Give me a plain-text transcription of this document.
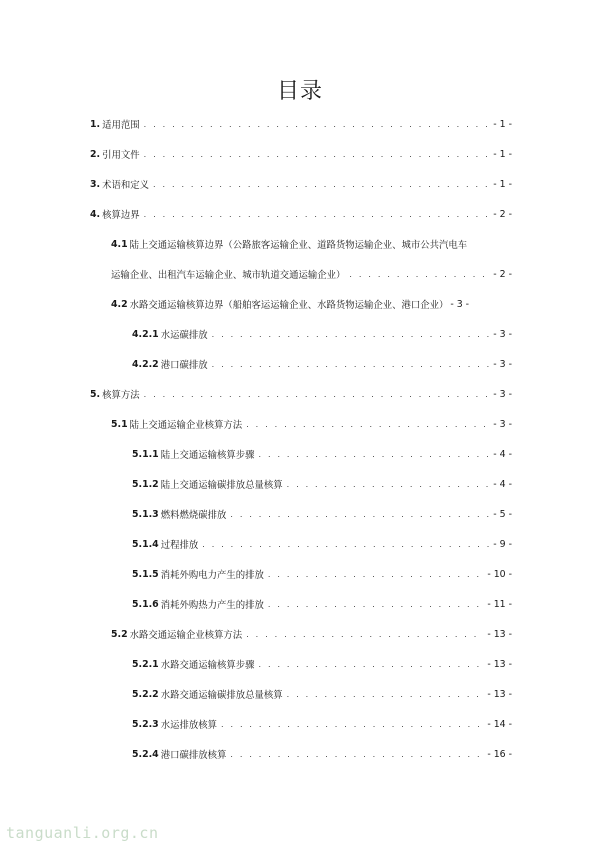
目录
1. 适用范围 . . .	- 1 -
2. 引用文件 . . .	- 1 -
3. 术语和定义 . . .	- 1 -
4. 核算边界 . . .	- 2 -
4.1 陆上交通运输核算边界（公路旅客运输企业、道路货物运输企业、城市公共汽电车
运输企业、出租汽车运输企业、城市轨道交通运输企业） . . .	- 2 -
4.2 水路交通运输核算边界（船舶客运运输企业、水路货物运输企业、港口企业） - 3 -
4.2.1 水运碳排放 . . .	- 3 -
4.2.2 港口碳排放 . . .	- 3 -
5. 核算方法 . . .	- 3 -
5.1 陆上交通运输企业核算方法 . . .	- 3 -
5.1.1 陆上交通运输核算步骤 . . .	- 4 -
5.1.2 陆上交通运输碳排放总量核算 . . .	- 4 -
5.1.3 燃料燃烧碳排放 . . .	- 5 -
5.1.4 过程排放 . . .	- 9 -
5.1.5 消耗外购电力产生的排放 . . .	- 10 -
5.1.6 消耗外购热力产生的排放 . . .	- 11 -
5.2 水路交通运输企业核算方法 . . .	- 13 -
5.2.1 水路交通运输核算步骤 . . .	- 13 -
5.2.2 水路交通运输碳排放总量核算 . . .	- 13 -
5.2.3 水运排放核算 . . .	- 14 -
5.2.4 港口碳排放核算 . . .	- 16 -
tanguanli.org.cn
